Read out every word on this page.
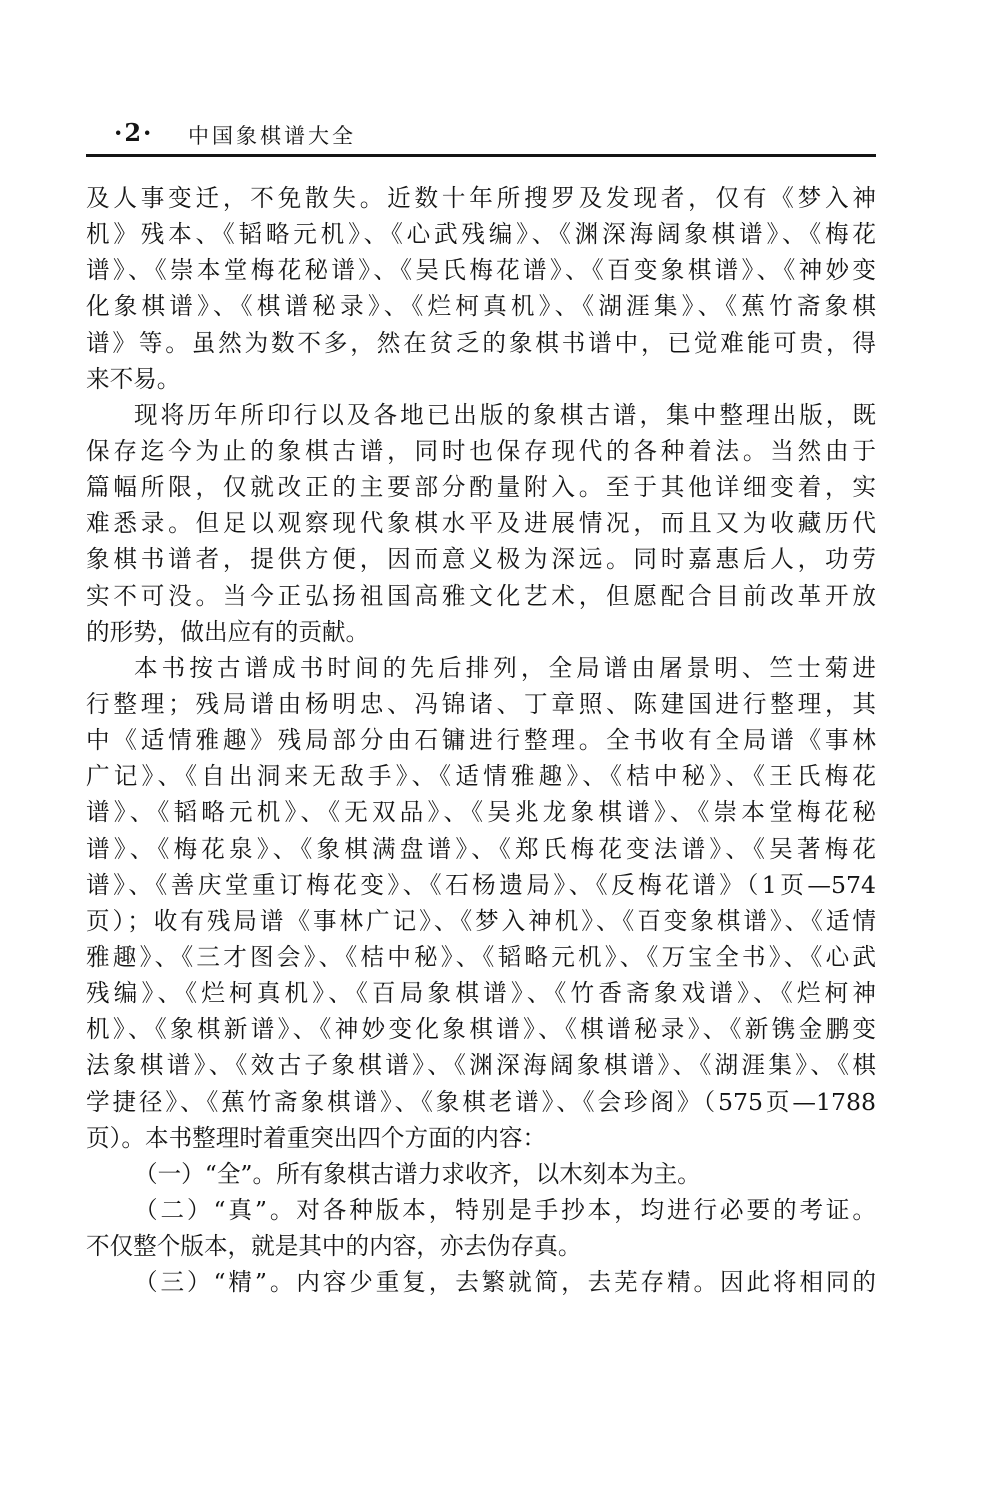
·2· 中国象棋谱大全
及人事变迁，不免散失。近数十年所搜罗及发现者，仅有《梦入神
机》残本、《韬略元机》、《心武残编》、《渊深海阔象棋谱》、《梅花
谱》、《崇本堂梅花秘谱》、《吴氏梅花谱》、《百变象棋谱》、《神妙变
化象棋谱》、《棋谱秘录》、《烂柯真机》、《湖涯集》、《蕉竹斋象棋
谱》等。虽然为数不多，然在贫乏的象棋书谱中，已觉难能可贵，得
来不易。
现将历年所印行以及各地已出版的象棋古谱，集中整理出版，既
保存迄今为止的象棋古谱，同时也保存现代的各种着法。当然由于
篇幅所限，仅就改正的主要部分酌量附入。至于其他详细变着，实
难悉录。但足以观察现代象棋水平及进展情况，而且又为收藏历代
象棋书谱者，提供方便，因而意义极为深远。同时嘉惠后人，功劳
实不可没。当今正弘扬祖国高雅文化艺术，但愿配合目前改革开放
的形势，做出应有的贡献。
本书按古谱成书时间的先后排列，全局谱由屠景明、竺士菊进
行整理；残局谱由杨明忠、冯锦诸、丁章照、陈建国进行整理，其
中《适情雅趣》残局部分由石镛进行整理。全书收有全局谱《事林
广记》、《自出洞来无敌手》、《适情雅趣》、《桔中秘》、《王氏梅花
谱》、《韬略元机》、《无双品》、《吴兆龙象棋谱》、《崇本堂梅花秘
谱》、《梅花泉》、《象棋满盘谱》、《郑氏梅花变法谱》、《吴著梅花
谱》、《善庆堂重订梅花变》、《石杨遗局》、《反梅花谱》（1页—574
页）；收有残局谱《事林广记》、《梦入神机》、《百变象棋谱》、《适情
雅趣》、《三才图会》、《桔中秘》、《韬略元机》、《万宝全书》、《心武
残编》、《烂柯真机》、《百局象棋谱》、《竹香斋象戏谱》、《烂柯神
机》、《象棋新谱》、《神妙变化象棋谱》、《棋谱秘录》、《新镌金鹏变
法象棋谱》、《效古子象棋谱》、《渊深海阔象棋谱》、《湖涯集》、《棋
学捷径》、《蕉竹斋象棋谱》、《象棋老谱》、《会珍阁》（575页—1788
页）。本书整理时着重突出四个方面的内容：
（一）“全”。所有象棋古谱力求收齐，以木刻本为主。
（二）“真”。对各种版本，特别是手抄本，均进行必要的考证。
不仅整个版本，就是其中的内容，亦去伪存真。
（三）“精”。内容少重复，去繁就简，去芜存精。因此将相同的
